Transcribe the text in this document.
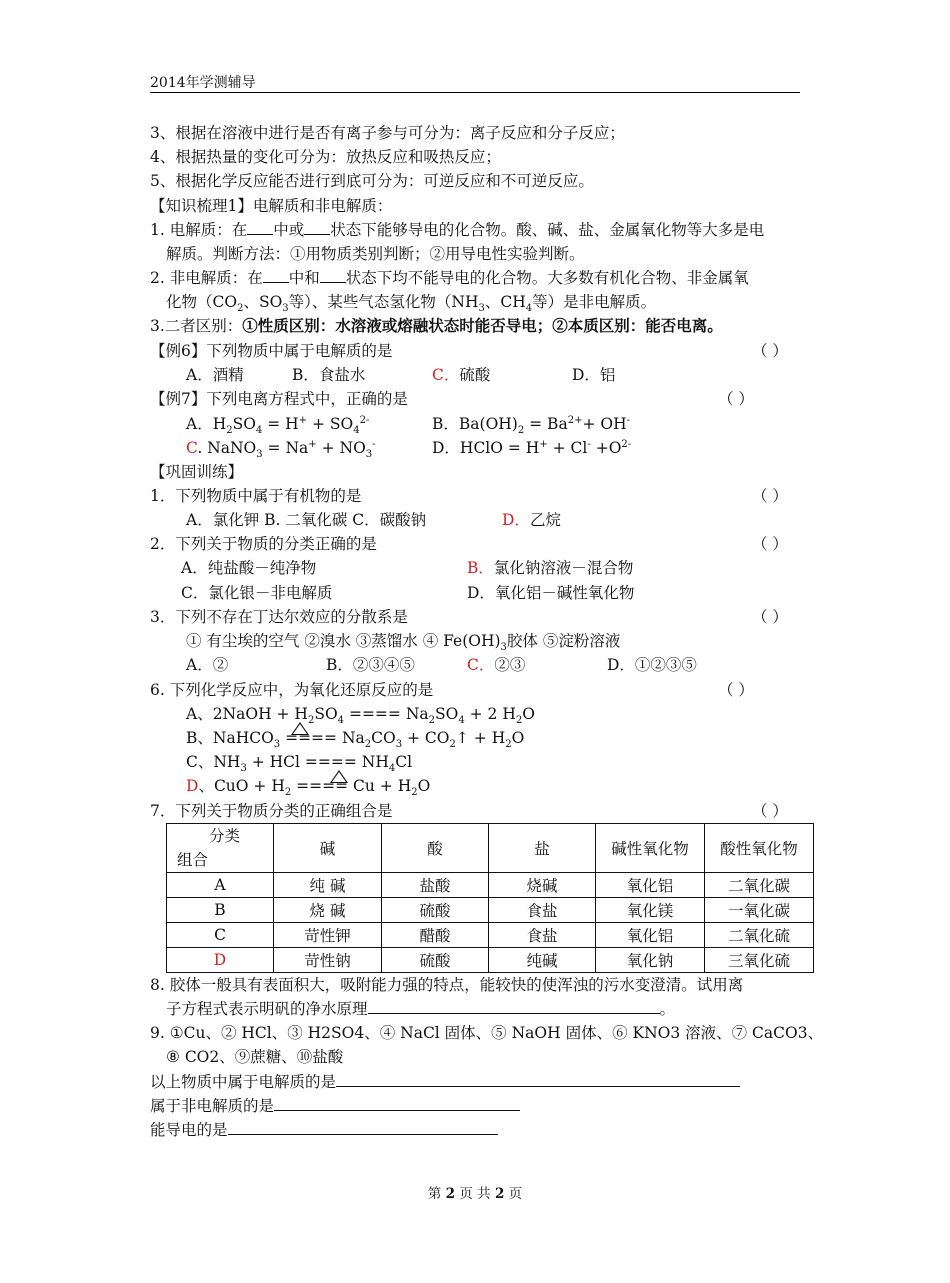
2014年学测辅导
3、根据在溶液中进行是否有离子参与可分为：离子反应和分子反应；
4、根据热量的变化可分为：放热反应和吸热反应；
5、根据化学反应能否进行到底可分为：可逆反应和不可逆反应。
【知识梳理1】电解质和非电解质：
1. 电解质：在 中或 状态下能够导电的化合物。酸、碱、盐、金属氧化物等大多是电
解质。判断方法：①用物质类别判断；②用导电性实验判断。
2. 非电解质：在 中和 状态下均不能导电的化合物。大多数有机化合物、非金属氧
化物（$CO_2$、$SO_3$等）、某些气态氢化物（$NH_3$、$CH_4$等）是非电解质。
3.二者区别：①性质区别：水溶液或熔融状态时能否导电；②本质区别：能否电离。
【例6】下列物质中属于电解质的是	（ ）
A．酒精	B．食盐水	C．硫酸	D．铝
【例7】下列电离方程式中，正确的是	（ ）
A．$H_2SO_4 = H^+ + SO_4^{2-}$	B．$Ba(OH)_2 = Ba^{2+}+ OH^-$
C. NaNO$_3$ = $Na^+ + NO_3^-$	D．HClO = $H^+ + Cl^- +O^{2-}$
【巩固训练】
1．下列物质中属于有机物的是	（ ）
A．氯化钾 B. 二氧化碳 C．碳酸钠	D．乙烷
2．下列关于物质的分类正确的是	（ ）
A．纯盐酸－纯净物	B．氯化钠溶液－混合物
C．氯化银－非电解质	D．氧化铝－碱性氧化物
3．下列不存在丁达尔效应的分散系是	（ ）
① 有尘埃的空气 ②溴水 ③蒸馏水 ④ $Fe(OH)_3$胶体 ⑤淀粉溶液
A．②	B．②③④⑤	C．②③	D．①②③⑤
6. 下列化学反应中，为氧化还原反应的是	（ ）
A、2NaOH + $H_2SO_4$ ==== $Na_2SO_4 + 2$ $H_2O$
B、NaHCO$_3$ ==== $Na_2CO_3$ + $CO_2↑ + H_2O$
C、$NH_3$ + HCl ==== $NH_4Cl$
D、CuO + $H_2$ ==== $Cu + H_2O$
7．下列关于物质分类的正确组合是	（ ）
分类
组合	碱	酸	盐	碱性氧化物	酸性氧化物
A	纯 碱	盐酸	烧碱	氧化铝	二氧化碳
B	烧 碱	硫酸	食盐	氧化镁	一氧化碳
C	苛性钾	醋酸	食盐	氧化铝	二氧化硫
D	苛性钠	硫酸	纯碱	氧化钠	三氧化硫
8. 胶体一般具有表面积大，吸附能力强的特点，能较快的使浑浊的污水变澄清。试用离
子方程式表示明矾的净水原理	。
9. ①Cu、② HCl、③ H2SO4、④ NaCl 固体、⑤ NaOH 固体、⑥ KNO3 溶液、⑦ CaCO3、
⑧ CO2、⑨蔗糖、⑩盐酸
以上物质中属于电解质的是
属于非电解质的是
能导电的是
第 2 页 共 2 页
